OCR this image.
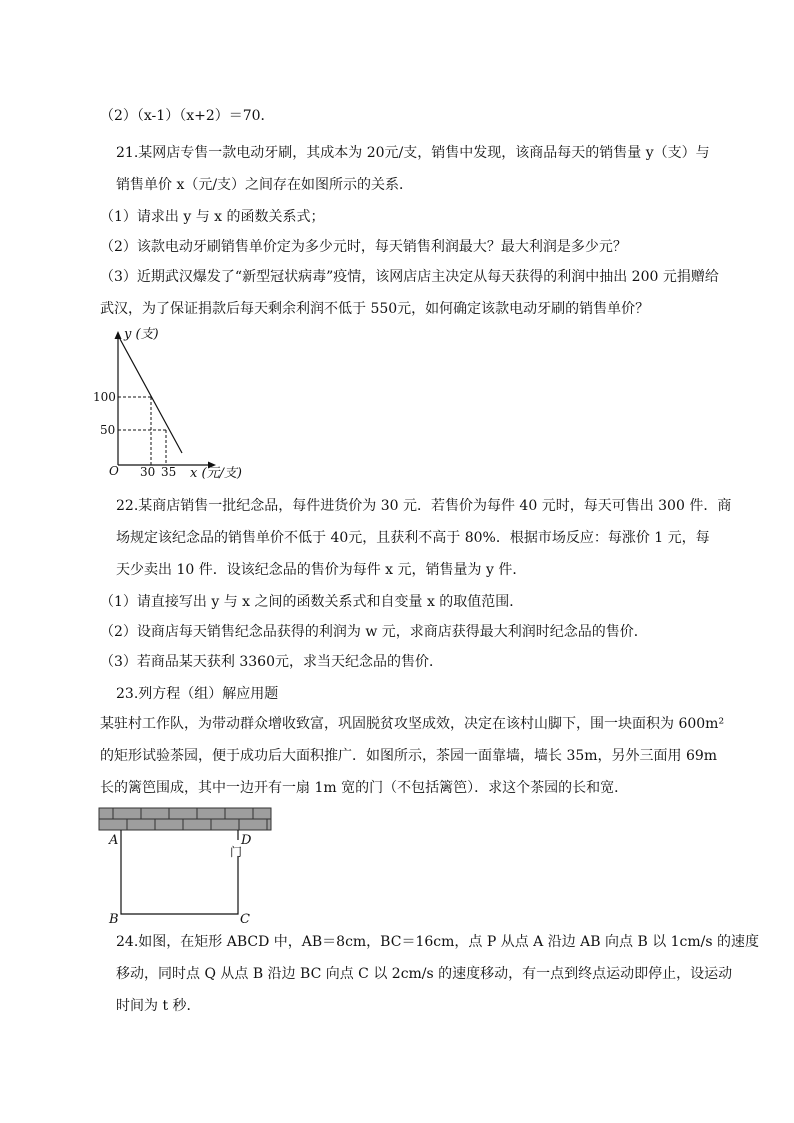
（2）（x-1）（x+2）＝70．
21.某网店专售一款电动牙刷，其成本为 20元/支，销售中发现，该商品每天的销售量 y（支）与
销售单价 x（元/支）之间存在如图所示的关系．
（1）请求出 y 与 x 的函数关系式；
（2）该款电动牙刷销售单价定为多少元时，每天销售利润最大？最大利润是多少元？
（3）近期武汉爆发了“新型冠状病毒”疫情，该网店店主决定从每天获得的利润中抽出 200 元捐赠给
武汉，为了保证捐款后每天剩余利润不低于 550元，如何确定该款电动牙刷的销售单价？
y (支)
100
50
O 30 35 x (元/支)
22.某商店销售一批纪念品，每件进货价为 30 元．若售价为每件 40 元时，每天可售出 300 件．商
场规定该纪念品的销售单价不低于 40元，且获利不高于 80%．根据市场反应：每涨价 1 元，每
天少卖出 10 件．设该纪念品的售价为每件 x 元，销售量为 y 件．
（1）请直接写出 y 与 x 之间的函数关系式和自变量 x 的取值范围．
（2）设商店每天销售纪念品获得的利润为 w 元，求商店获得最大利润时纪念品的售价．
（3）若商品某天获利 3360元，求当天纪念品的售价．
23.列方程（组）解应用题
某驻村工作队，为带动群众增收致富，巩固脱贫攻坚成效，决定在该村山脚下，围一块面积为 600m²
的矩形试验茶园，便于成功后大面积推广．如图所示，茶园一面靠墙，墙长 35m，另外三面用 69m
长的篱笆围成，其中一边开有一扇 1m 宽的门（不包括篱笆）．求这个茶园的长和宽．
A	D
门
B	C
24.如图，在矩形 ABCD 中，AB＝8cm，BC＝16cm，点 P 从点 A 沿边 AB 向点 B 以 1cm/s 的速度
移动，同时点 Q 从点 B 沿边 BC 向点 C 以 2cm/s 的速度移动，有一点到终点运动即停止，设运动
时间为 t 秒．
